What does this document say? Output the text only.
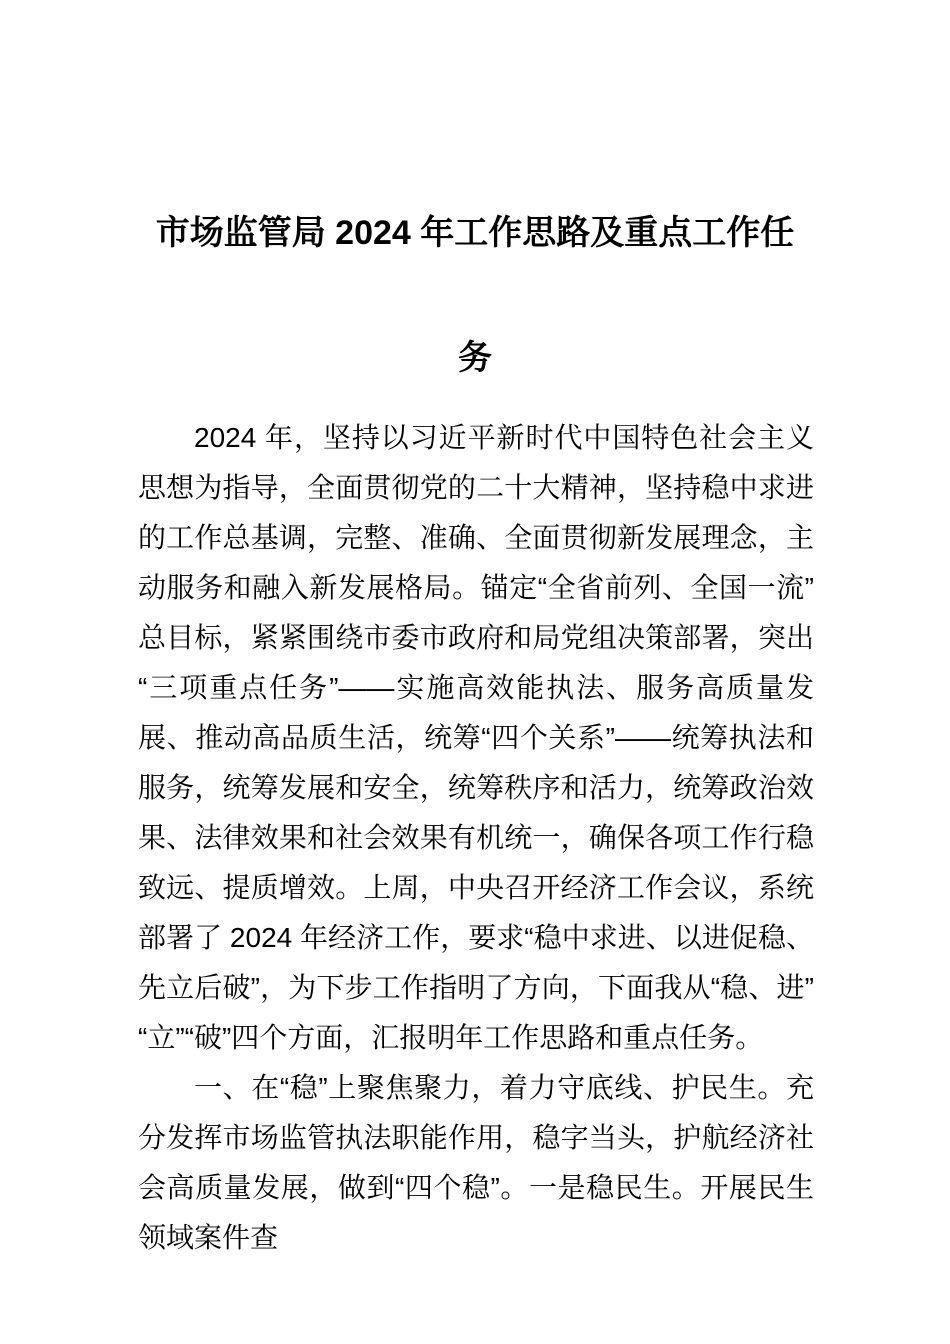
市场监管局 2024 年工作思路及重点工作任
务

2024 年，坚持以习近平新时代中国特色社会主义思想为指导，全面贯彻党的二十大精神，坚持稳中求进的工作总基调，完整、准确、全面贯彻新发展理念，主动服务和融入新发展格局。锚定“全省前列、全国一流”总目标，紧紧围绕市委市政府和局党组决策部署，突出“三项重点任务”——实施高效能执法、服务高质量发展、推动高品质生活，统筹“四个关系”——统筹执法和服务，统筹发展和安全，统筹秩序和活力，统筹政治效果、法律效果和社会效果有机统一，确保各项工作行稳致远、提质增效。上周，中央召开经济工作会议，系统部署了 2024 年经济工作，要求“稳中求进、以进促稳、先立后破”，为下步工作指明了方向，下面我从“稳、进”“立”“破”四个方面，汇报明年工作思路和重点任务。

一、在“稳”上聚焦聚力，着力守底线、护民生。充分发挥市场监管执法职能作用，稳字当头，护航经济社会高质量发展，做到“四个稳”。一是稳民生。开展民生领域案件查
